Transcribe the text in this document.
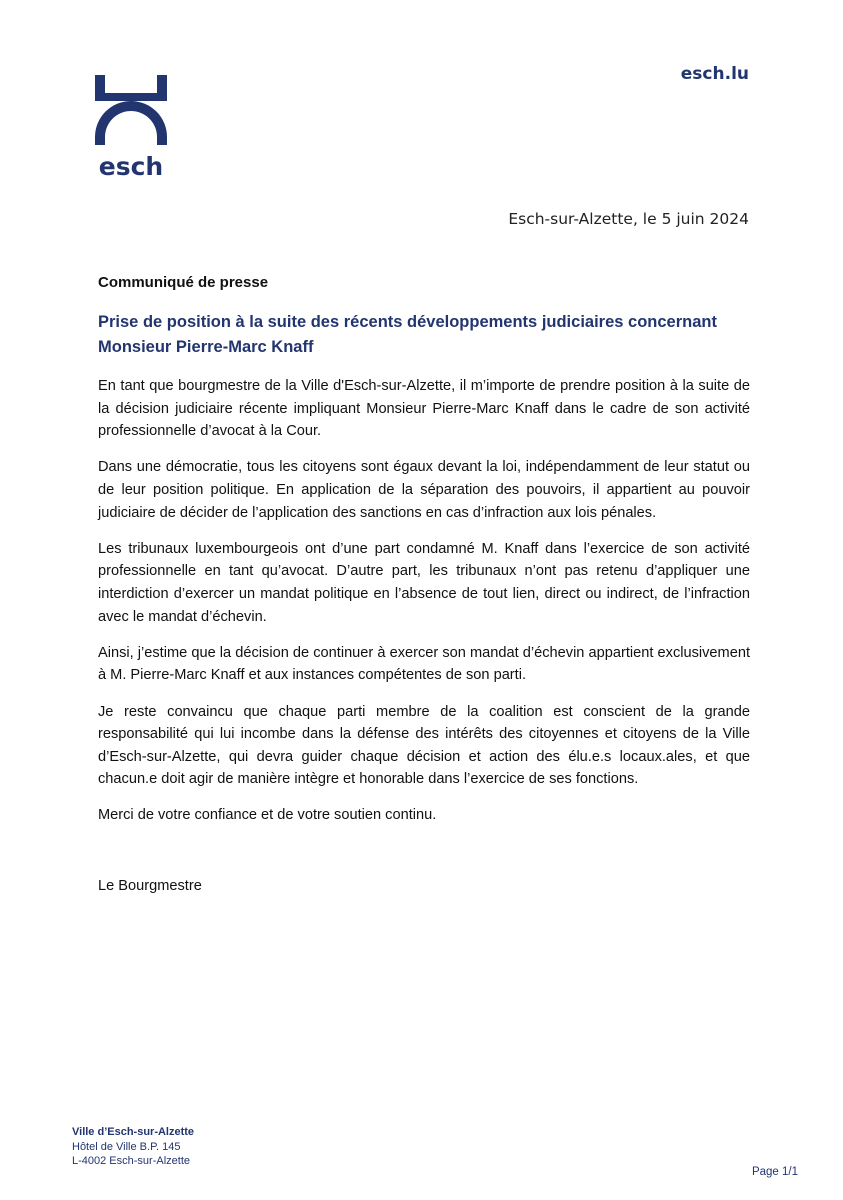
esch
esch.lu
Esch-sur-Alzette, le 5 juin 2024
Communiqué de presse
Prise de position à la suite des récents développements judiciaires concernant Monsieur Pierre-Marc Knaff

En tant que bourgmestre de la Ville d'Esch-sur-Alzette, il m’importe de prendre position à la suite de la décision judiciaire récente impliquant Monsieur Pierre-Marc Knaff dans le cadre de son activité professionnelle d’avocat à la Cour.

Dans une démocratie, tous les citoyens sont égaux devant la loi, indépendamment de leur statut ou de leur position politique. En application de la séparation des pouvoirs, il appartient au pouvoir judiciaire de décider de l’application des sanctions en cas d’infraction aux lois pénales.

Les tribunaux luxembourgeois ont d’une part condamné M. Knaff dans l’exercice de son activité professionnelle en tant qu’avocat. D’autre part, les tribunaux n’ont pas retenu d’appliquer une interdiction d’exercer un mandat politique en l’absence de tout lien, direct ou indirect, de l’infraction avec le mandat d’échevin.

Ainsi, j’estime que la décision de continuer à exercer son mandat d’échevin appartient exclusivement à M. Pierre-Marc Knaff et aux instances compétentes de son parti.

Je reste convaincu que chaque parti membre de la coalition est conscient de la grande responsabilité qui lui incombe dans la défense des intérêts des citoyennes et citoyens de la Ville d’Esch-sur-Alzette, qui devra guider chaque décision et action des élu.e.s locaux.ales, et que chacun.e doit agir de manière intègre et honorable dans l’exercice de ses fonctions.

Merci de votre confiance et de votre soutien continu.

Le Bourgmestre
Ville d’Esch-sur-Alzette
Hôtel de Ville B.P. 145
L-4002 Esch-sur-Alzette
Page 1/1
